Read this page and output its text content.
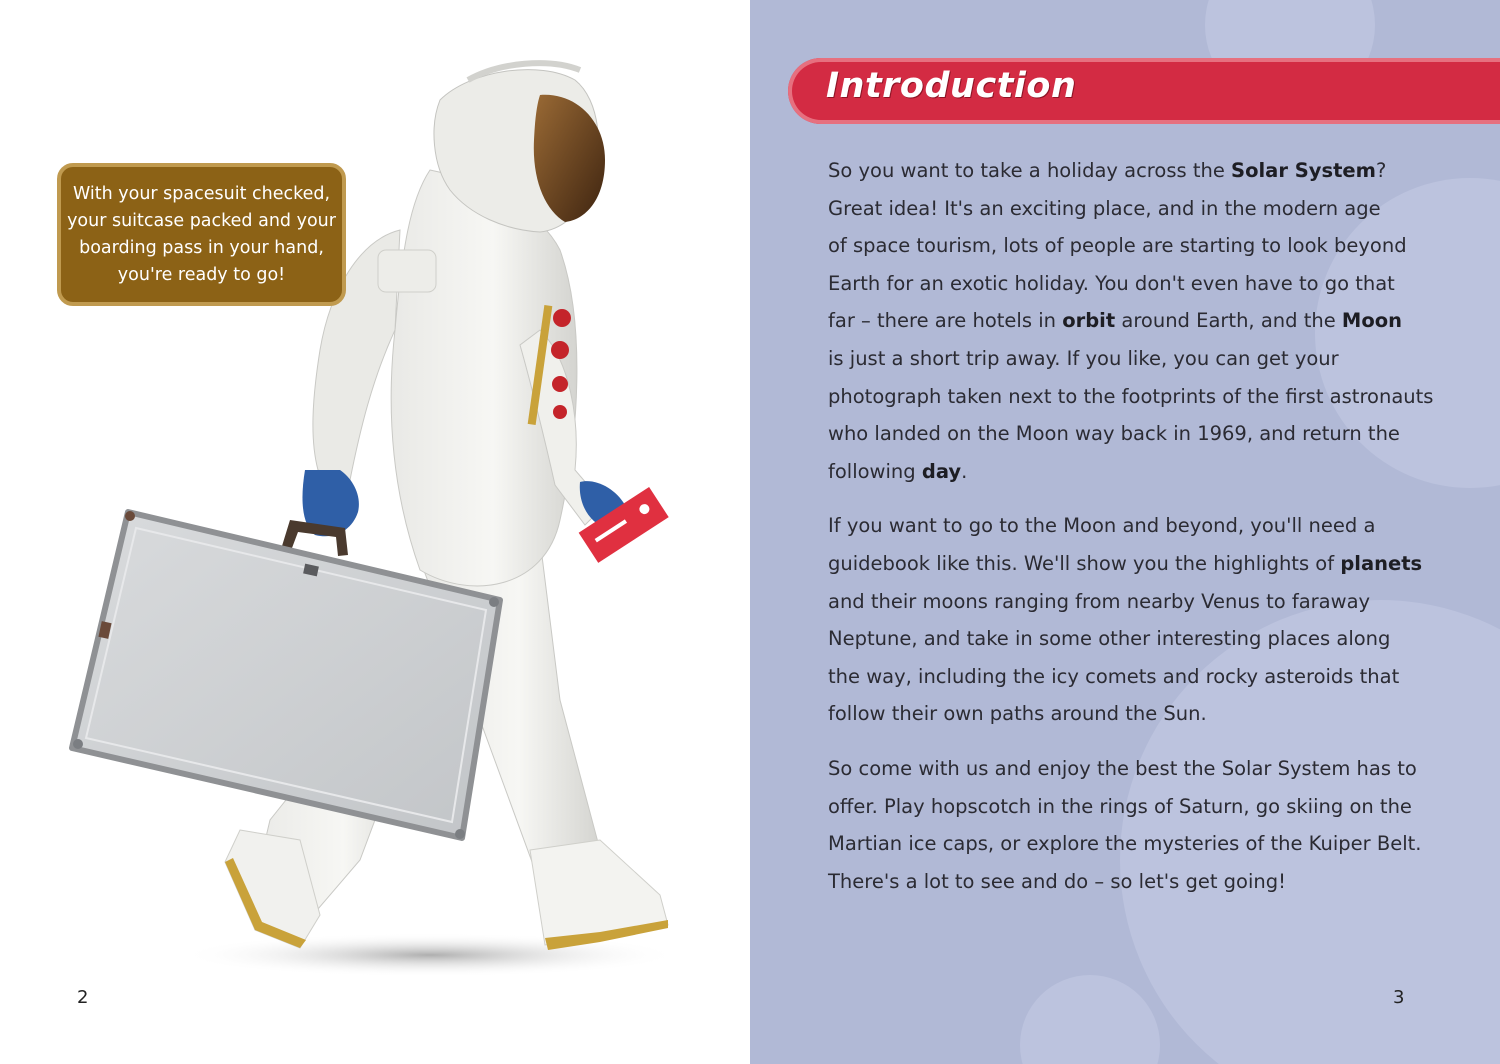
With your spacesuit checked,
your suitcase packed and your
boarding pass in your hand,
you're ready to go!
2	3
Introduction
So you want to take a holiday across the Solar System?
Great idea! It's an exciting place, and in the modern age
of space tourism, lots of people are starting to look beyond
Earth for an exotic holiday. You don't even have to go that
far – there are hotels in orbit around Earth, and the Moon
is just a short trip away. If you like, you can get your
photograph taken next to the footprints of the first astronauts
who landed on the Moon way back in 1969, and return the
following day.
If you want to go to the Moon and beyond, you'll need a
guidebook like this. We'll show you the highlights of planets
and their moons ranging from nearby Venus to faraway
Neptune, and take in some other interesting places along
the way, including the icy comets and rocky asteroids that
follow their own paths around the Sun.
So come with us and enjoy the best the Solar System has to
offer. Play hopscotch in the rings of Saturn, go skiing on the
Martian ice caps, or explore the mysteries of the Kuiper Belt.
There's a lot to see and do – so let's get going!
